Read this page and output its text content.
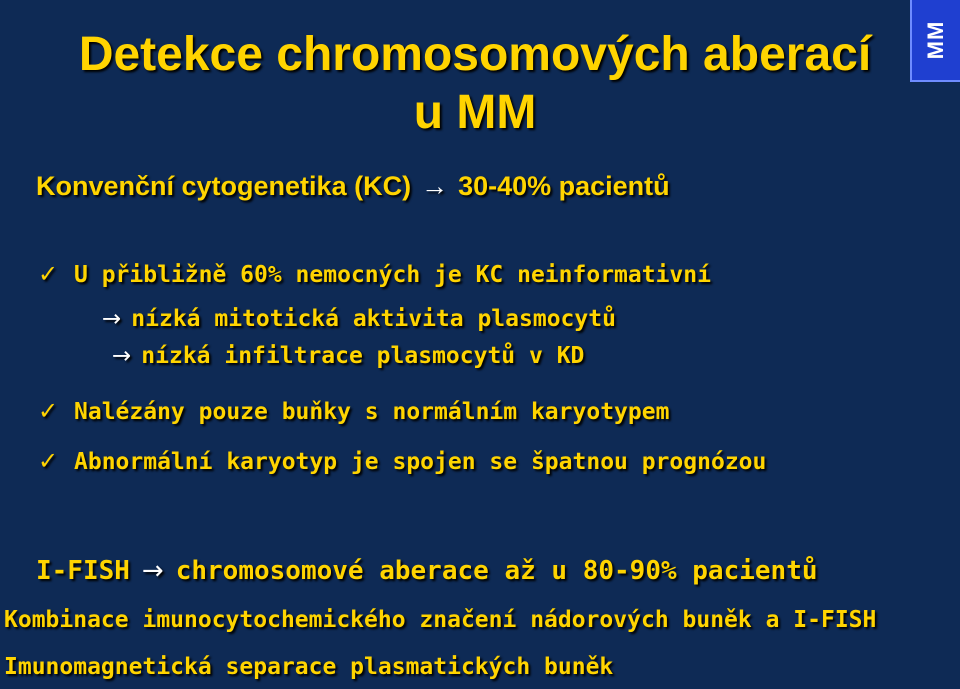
MM
Detekce chromosomových aberací
u MM
Konvenční cytogenetika (KC) → 30-40% pacientů
✓ U přibližně 60% nemocných je KC neinformativní
→ nízká mitotická aktivita plasmocytů
→ nízká infiltrace plasmocytů v KD
✓ Nalézány pouze buňky s normálním karyotypem
✓ Abnormální karyotyp je spojen se špatnou prognózou
I-FISH → chromosomové aberace až u 80-90% pacientů
Kombinace imunocytochemického značení nádorových buněk a I-FISH
Imunomagnetická separace plasmatických buněk
